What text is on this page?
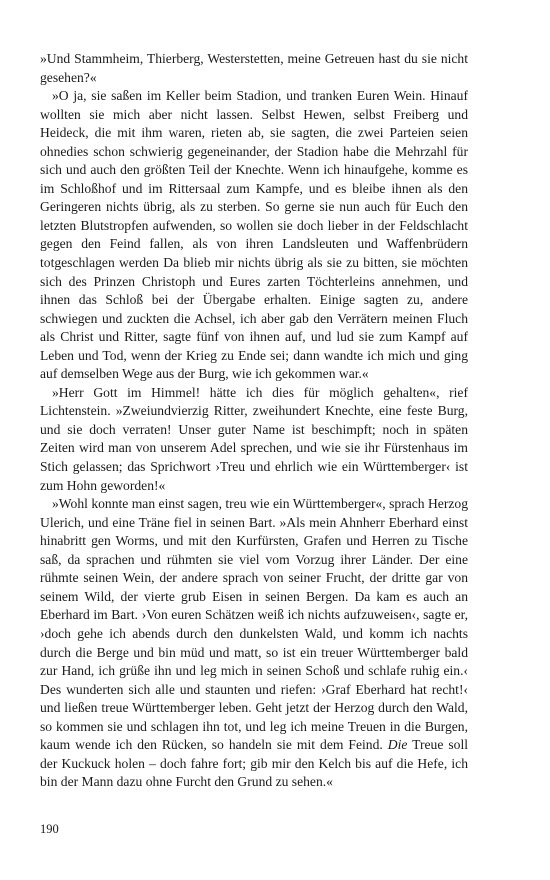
»Und Stammheim, Thierberg, Westerstetten, meine Getreuen hast du sie nicht gesehen?«

»O ja, sie saßen im Keller beim Stadion, und tranken Euren Wein. Hinauf wollten sie mich aber nicht lassen. Selbst Hewen, selbst Freiberg und Heideck, die mit ihm waren, rieten ab, sie sagten, die zwei Parteien seien ohnedies schon schwierig gegeneinander, der Stadion habe die Mehrzahl für sich und auch den größten Teil der Knechte. Wenn ich hinaufgehe, komme es im Schloßhof und im Rittersaal zum Kampfe, und es bleibe ihnen als den Geringeren nichts übrig, als zu sterben. So gerne sie nun auch für Euch den letzten Blutstropfen aufwenden, so wollen sie doch lieber in der Feldschlacht gegen den Feind fallen, als von ihren Landsleuten und Waffenbrüdern totgeschlagen werden Da blieb mir nichts übrig als sie zu bitten, sie möchten sich des Prinzen Christoph und Eures zarten Töchterleins annehmen, und ihnen das Schloß bei der Übergabe erhalten. Einige sagten zu, andere schwiegen und zuckten die Achsel, ich aber gab den Verrätern meinen Fluch als Christ und Ritter, sagte fünf von ihnen auf, und lud sie zum Kampf auf Leben und Tod, wenn der Krieg zu Ende sei; dann wandte ich mich und ging auf demselben Wege aus der Burg, wie ich gekommen war.«

»Herr Gott im Himmel! hätte ich dies für möglich gehalten«, rief Lichtenstein. »Zweiundvierzig Ritter, zweihundert Knechte, eine feste Burg, und sie doch verraten! Unser guter Name ist beschimpft; noch in späten Zeiten wird man von unserem Adel sprechen, und wie sie ihr Fürstenhaus im Stich gelassen; das Sprichwort ›Treu und ehrlich wie ein Württemberger‹ ist zum Hohn geworden!«

»Wohl konnte man einst sagen, treu wie ein Württemberger«, sprach Herzog Ulerich, und eine Träne fiel in seinen Bart. »Als mein Ahnherr Eberhard einst hinabritt gen Worms, und mit den Kurfürsten, Grafen und Herren zu Tische saß, da sprachen und rühmten sie viel vom Vorzug ihrer Länder. Der eine rühmte seinen Wein, der andere sprach von seiner Frucht, der dritte gar von seinem Wild, der vierte grub Eisen in seinen Bergen. Da kam es auch an Eberhard im Bart. ›Von euren Schätzen weiß ich nichts aufzuweisen‹, sagte er, ›doch gehe ich abends durch den dunkelsten Wald, und komm ich nachts durch die Berge und bin müd und matt, so ist ein treuer Württemberger bald zur Hand, ich grüße ihn und leg mich in seinen Schoß und schlafe ruhig ein.‹ Des wunderten sich alle und staunten und riefen: ›Graf Eberhard hat recht!‹ und ließen treue Württemberger leben. Geht jetzt der Herzog durch den Wald, so kommen sie und schlagen ihn tot, und leg ich meine Treuen in die Burgen, kaum wende ich den Rücken, so handeln sie mit dem Feind. Die Treue soll der Kuckuck holen – doch fahre fort; gib mir den Kelch bis auf die Hefe, ich bin der Mann dazu ohne Furcht den Grund zu sehen.«

190
